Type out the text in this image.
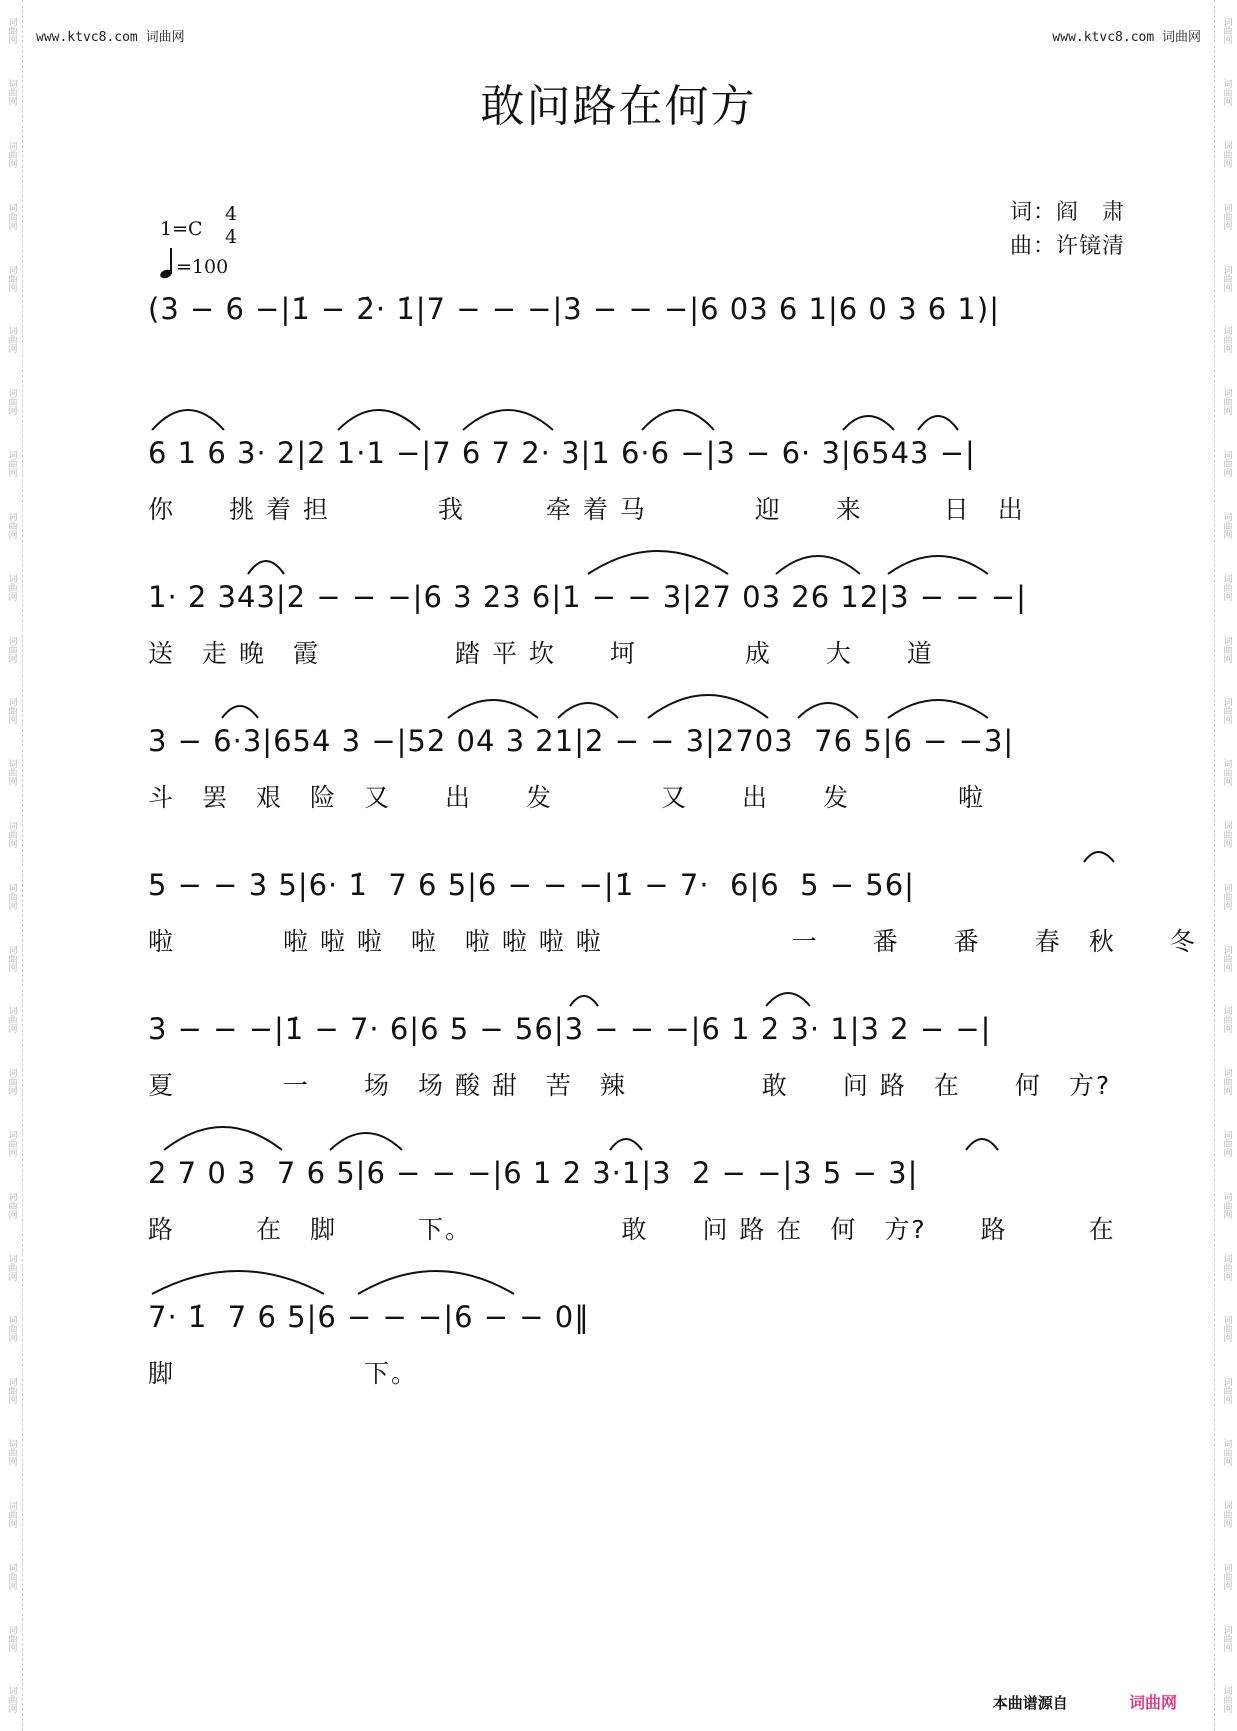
词曲网
词曲网
词曲网
词曲网
词曲网
词曲网
词曲网
词曲网
词曲网
词曲网
词曲网
词曲网
词曲网
词曲网
词曲网
词曲网
词曲网
词曲网
词曲网
词曲网
词曲网
词曲网
词曲网
词曲网
词曲网
词曲网
词曲网
词曲网
词曲网
词曲网
词曲网
词曲网
词曲网
词曲网
词曲网
词曲网
词曲网
词曲网
词曲网
词曲网
词曲网
词曲网
词曲网
词曲网
词曲网
词曲网
词曲网
词曲网
词曲网
词曲网
词曲网
词曲网
词曲网
词曲网
词曲网
词曲网
www.ktvc8.com 词曲网	www.ktvc8.com 词曲网
敢问路在何方
1=C
4
4
=100
词：阎　肃
曲：许镜清
(3 − 6 −|1̇ − 2̇· 1̇|7 − − −|3 − − −|6 03 6 1|6 0 3 6 1)|
6 1 6 3· 2|2 1·1 −|7 6 7 2· 3|1 6·6 −|3 − 6· 3|6543 −|
你　　挑 着 担　　　　我　　　牵 着 马　　　　迎　　来　　　日　出
1· 2 343|2 − − −|6 3 23 6|1 − − 3|27 03 26 12|3 − − −|
送　走 晚　霞　　　　　踏 平 坎　　坷　　　　成　　大　　道
3 − 6·3|654 3 −|52 04 3 21|2 − − 3|2703  76 5|6 − −3|
斗　罢　艰　险　又　　出　　发　　　　又　　出　　发　　　　啦
5 − − 3 5|6· 1̇  7 6 5|6 − − −|1̇ − 7·  6|6  5 − 56|
啦　　　　啦 啦 啦　啦　啦 啦 啦 啦　　　　　　　一　　番　　番　　春　秋　　冬
3 − − −|1̇ − 7· 6|6 5 − 56|3 − − −|6 1 2 3· 1|3 2 − −|
夏　　　　一　　场　场 酸 甜　苦　辣　　　　　敢　　问 路　在　　何　方?
2 7 0 3  7 6 5|6 − − −|6 1 2 3·1|3  2 − −|3 5 − 3|
路　　　在　脚　　　下。　　　　　　敢　　问 路 在　何　方?　　路　　　在
7· 1̇  7 6 5|6 − − −|6 − − 0‖
脚　　　　　　　下。
本曲谱源自	词曲网
